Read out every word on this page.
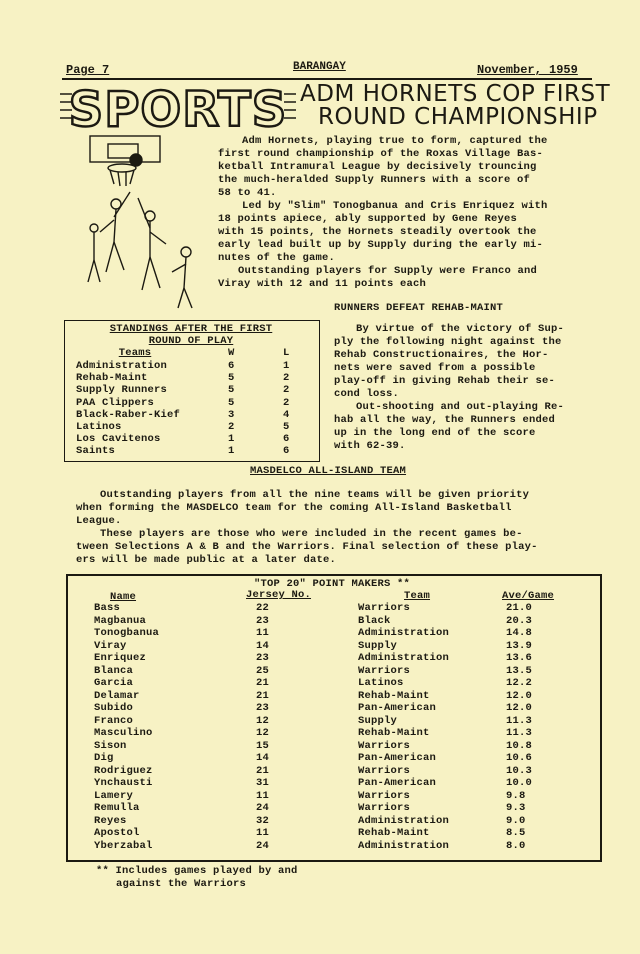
Page 7	BARANGAY	November, 1959
SPORTS ADM HORNETS COP FIRST
ROUND CHAMPIONSHIP
Adm Hornets, playing true to form, captured the
first round championship of the Roxas Village Bas-
ketball Intramural League by decisively trouncing
the much-heralded Supply Runners with a score of
58 to 41.
Led by "Slim" Tonogbanua and Cris Enriquez with
18 points apiece, ably supported by Gene Reyes
with 15 points, the Hornets steadily overtook the
early lead built up by Supply during the early mi-
nutes of the game.
Outstanding players for Supply were Franco and
Viray with 12 and 11 points each
RUNNERS DEFEAT REHAB-MAINT
STANDINGS AFTER THE FIRST
ROUND OF PLAY
Teams	W	L
Administration	6	1
Rehab-Maint	5	2
Supply Runners	5	2
PAA Clippers	5	2
Black-Raber-Kief	3	4
Latinos	2	5
Los Cavitenos	1	6
Saints	1	6
By virtue of the victory of Sup-
ply the following night against the
Rehab Constructionaires, the Hor-
nets were saved from a possible
play-off in giving Rehab their se-
cond loss.
Out-shooting and out-playing Re-
hab all the way, the Runners ended
up in the long end of the score
with 62-39.
MASDELCO ALL-ISLAND TEAM
Outstanding players from all the nine teams will be given priority
when forming the MASDELCO team for the coming All-Island Basketball
League.
These players are those who were included in the recent games be-
tween Selections A & B and the Warriors. Final selection of these play-
ers will be made public at a later date.
"TOP 20" POINT MAKERS **
Name	Jersey No.	Team	Ave/Game
Bass	22	Warriors	21.0
Magbanua	23	Black	20.3
Tonogbanua	11	Administration	14.8
Viray	14	Supply	13.9
Enriquez	23	Administration	13.6
Blanca	25	Warriors	13.5
Garcia	21	Latinos	12.2
Delamar	21	Rehab-Maint	12.0
Subido	23	Pan-American	12.0
Franco	12	Supply	11.3
Masculino	12	Rehab-Maint	11.3
Sison	15	Warriors	10.8
Dig	14	Pan-American	10.6
Rodriguez	21	Warriors	10.3
Ynchausti	31	Pan-American	10.0
Lamery	11	Warriors	9.8
Remulla	24	Warriors	9.3
Reyes	32	Administration	9.0
Apostol	11	Rehab-Maint	8.5
Yberzabal	24	Administration	8.0
** Includes games played by and
against the Warriors
